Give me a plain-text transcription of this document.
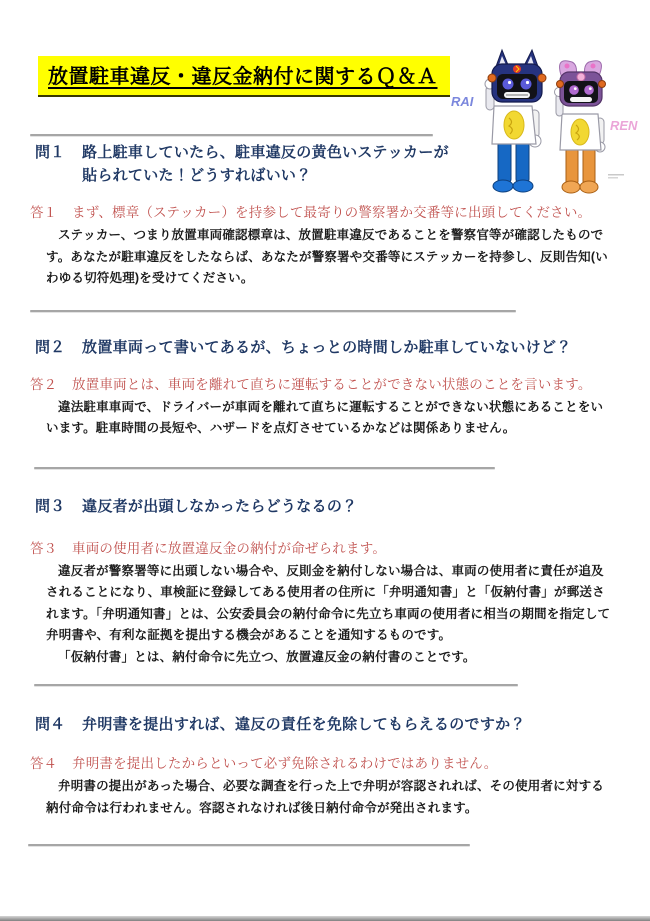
放置駐車違反・違反金納付に関するＱ＆Ａ
RAI
REN
問１ 路上駐車していたら、駐車違反の黄色いステッカーが
貼られていた！どうすればいい？
答１ まず、標章（ステッカー）を持参して最寄りの警察署か交番等に出頭してください。

ステッカー、つまり放置車両確認標章は、放置駐車違反であることを警察官等が確認したものです。あなたが駐車違反をしたならば、あなたが警察署や交番等にステッカーを持参し、反則告知(いわゆる切符処理)を受けてください。

問２ 放置車両って書いてあるが、ちょっとの時間しか駐車していないけど？
答２ 放置車両とは、車両を離れて直ちに運転することができない状態のことを言います。

違法駐車車両で、ドライバーが車両を離れて直ちに運転することができない状態にあることをいいます。駐車時間の長短や、ハザードを点灯させているかなどは関係ありません。

問３ 違反者が出頭しなかったらどうなるの？
答３ 車両の使用者に放置違反金の納付が命ぜられます。

違反者が警察署等に出頭しない場合や、反則金を納付しない場合は、車両の使用者に責任が追及されることになり、車検証に登録してある使用者の住所に「弁明通知書」と「仮納付書」が郵送されます。「弁明通知書」とは、公安委員会の納付命令に先立ち車両の使用者に相当の期間を指定して弁明書や、有利な証拠を提出する機会があることを通知するものです。

「仮納付書」とは、納付命令に先立つ、放置違反金の納付書のことです。

問４ 弁明書を提出すれば、違反の責任を免除してもらえるのですか？
答４ 弁明書を提出したからといって必ず免除されるわけではありません。

弁明書の提出があった場合、必要な調査を行った上で弁明が容認されれば、その使用者に対する納付命令は行われません。容認されなければ後日納付命令が発出されます。
